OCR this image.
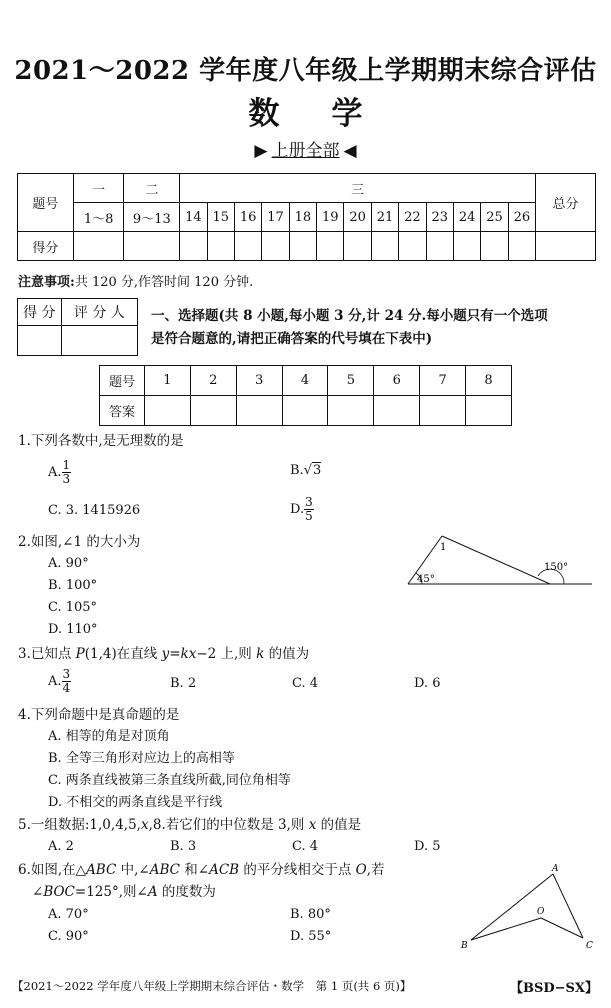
2021～2022 学年度八年级上学期期末综合评估
数学
▶ 上册全部 ◀
题号	一	二	三													总分
	1～8	9～13	14	15	16	17	18	19	20	21	22	23	24	25	26	
得分																
注意事项:共 120 分,作答时间 120 分钟.
得 分	评 分 人
	一、选择题(共 8 小题,每小题 3 分,计 24 分.每小题只有一个选项
是符合题意的,请把正确答案的代号填在下表中)
题号	1	2	3	4	5	6	7	8
答案								
1.下列各数中,是无理数的是
A. $\frac{1}{3}$	B.√3
C. 3. 1415926	D. $\frac{3}{5}$
2.如图,∠1 的大小为
A. 90°
B. 100°
C. 105°
D. 110°
1
150°
45°
3.已知点 P(1,4)在直线 y=kx−2 上,则 k 的值为
A. $\frac{3}{4}$	B. 2	C. 4	D. 6
4.下列命题中是真命题的是
A. 相等的角是对顶角
B. 全等三角形对应边上的高相等
C. 两条直线被第三条直线所截,同位角相等
D. 不相交的两条直线是平行线
5.一组数据:1,0,4,5,x,8.若它们的中位数是 3,则 x 的值是
A. 2	B. 3	C. 4	D. 5
6.如图,在△ABC 中,∠ABC 和∠ACB 的平分线相交于点 O,若
∠BOC=125°,则∠A 的度数为
A. 70°	B. 80°
C. 90°	D. 55°
A
B	C
O
【2021～2022 学年度八年级上学期期末综合评估・数学　第 1 页(共 6 页)】	【BSD−SX】
